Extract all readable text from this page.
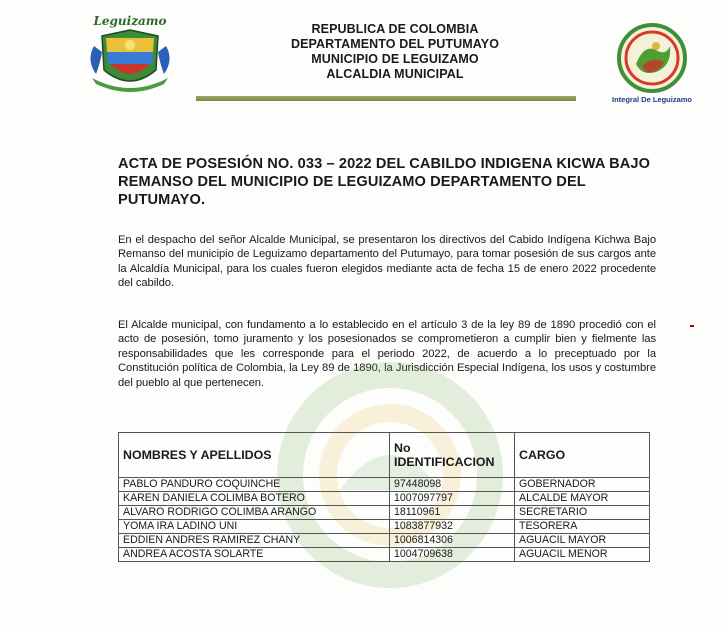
Leguizamo
REPUBLICA DE COLOMBIA
DEPARTAMENTO DEL PUTUMAYO
MUNICIPIO DE LEGUIZAMO
ALCALDIA MUNICIPAL
Integral De Leguizamo
ACTA DE POSESIÓN NO. 033 – 2022 DEL CABILDO INDIGENA KICWA BAJO REMANSO DEL MUNICIPIO DE LEGUIZAMO DEPARTAMENTO DEL PUTUMAYO.
En el despacho del señor Alcalde Municipal, se presentaron los directivos del Cabido Indígena Kichwa Bajo Remanso del municipio de Leguizamo departamento del Putumayo, para tomar posesión de sus cargos ante la Alcaldía Municipal, para los cuales fueron elegidos mediante acta de fecha 15 de enero 2022 procedente del cabildo.
El Alcalde municipal, con fundamento a lo establecido en el artículo 3 de la ley 89 de 1890 procedió con el acto de posesión, tomo juramento y los posesionados se comprometieron a cumplir bien y fielmente las responsabilidades que les corresponde para el periodo 2022, de acuerdo a lo preceptuado por la Constitución política de Colombia, la Ley 89 de 1890, la Jurisdicción Especial Indígena, los usos y costumbre del pueblo al que pertenecen.
NOMBRES Y APELLIDOS	No IDENTIFICACION	CARGO
PABLO PANDURO COQUINCHE	97448098	GOBERNADOR
KAREN DANIELA COLIMBA BOTERO	1007097797	ALCALDE MAYOR
ALVARO RODRIGO COLIMBA ARANGO	18110961	SECRETARIO
YOMA IRA LADINO UNI	1083877932	TESORERA
EDDIEN ANDRES RAMIREZ CHANY	1006814306	AGUACIL MAYOR
ANDREA ACOSTA SOLARTE	1004709638	AGUACIL MENOR
